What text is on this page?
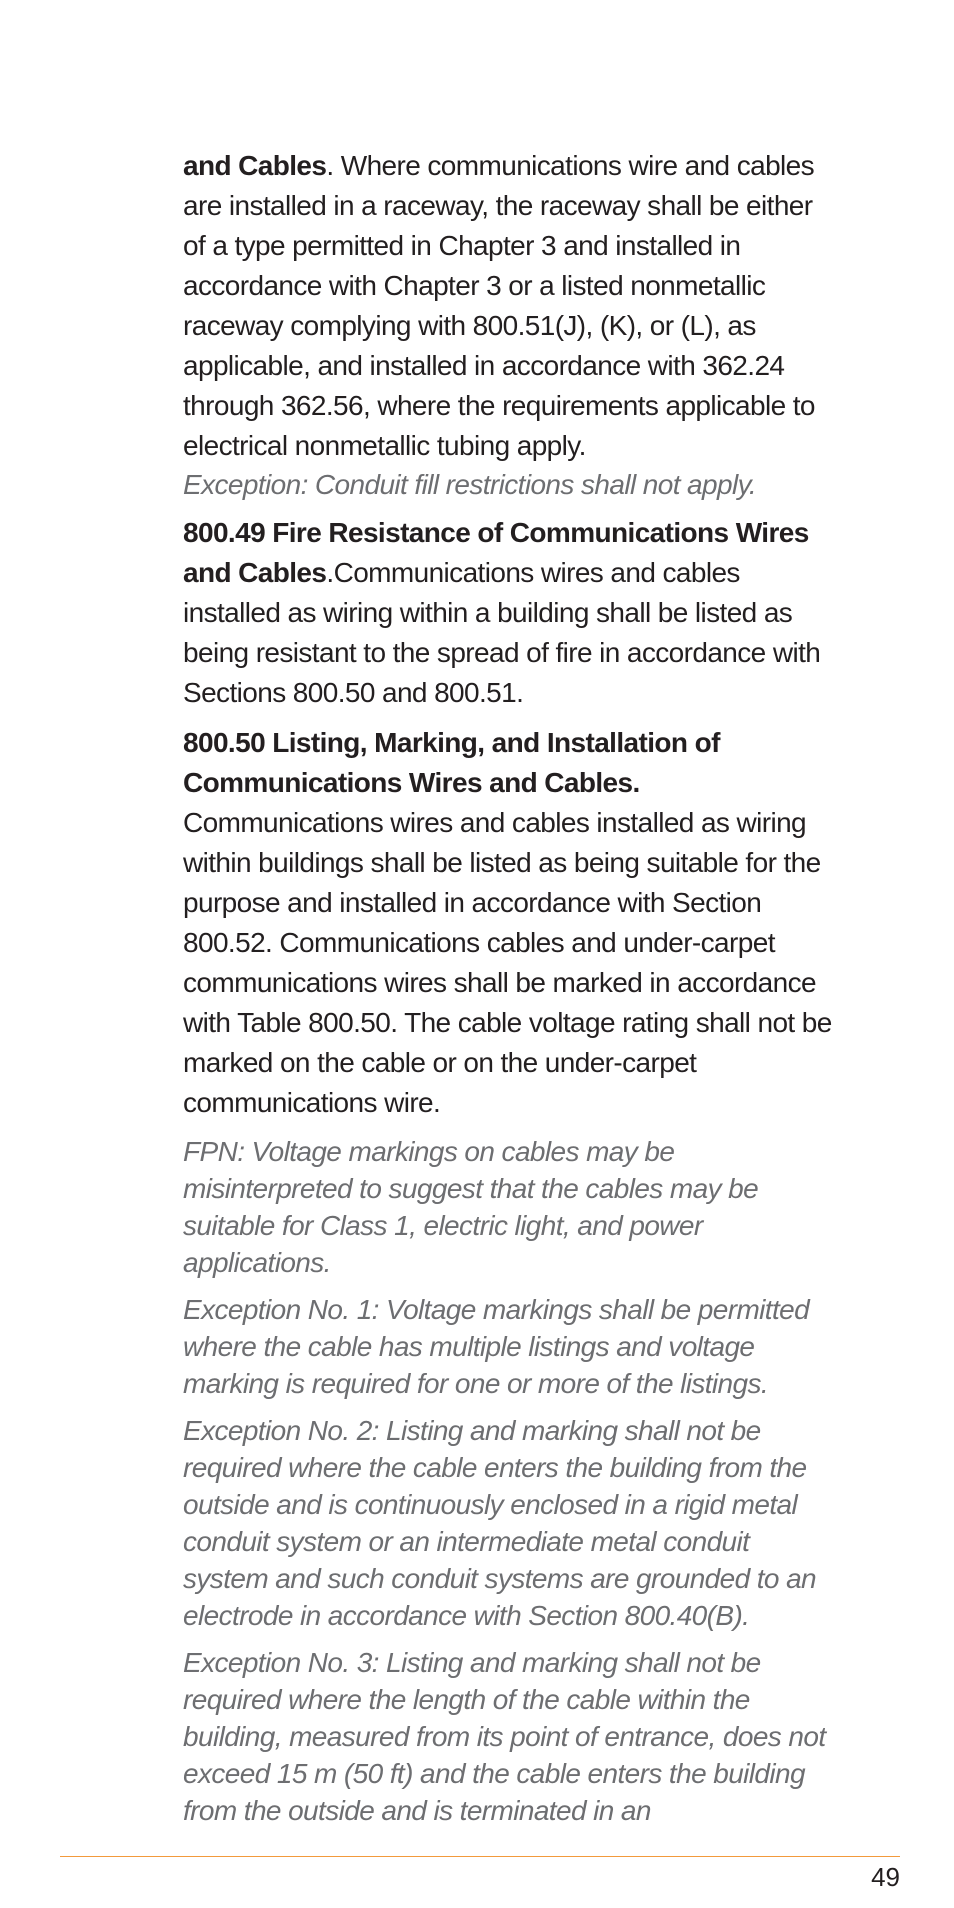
and Cables. Where communications wire and cables are installed in a raceway, the raceway shall be either of a type permitted in Chapter 3 and installed in accordance with Chapter 3 or a listed nonmetallic raceway complying with 800.51(J), (K), or (L), as applicable, and installed in accordance with 362.24 through 362.56, where the requirements applicable to electrical nonmetallic tubing apply.

Exception: Conduit fill restrictions shall not apply.

800.49 Fire Resistance of Communications Wires and Cables.Communications wires and cables installed as wiring within a building shall be listed as being resistant to the spread of fire in accordance with Sections 800.50 and 800.51.

800.50 Listing, Marking, and Installation of Communications Wires and Cables.

Communications wires and cables installed as wiring within buildings shall be listed as being suitable for the purpose and installed in accordance with Section 800.52. Communications cables and under-carpet communications wires shall be marked in accordance with Table 800.50. The cable voltage rating shall not be marked on the cable or on the under-carpet communications wire.

FPN: Voltage markings on cables may be misinterpreted to suggest that the cables may be suitable for Class 1, electric light, and power applications.

Exception No. 1: Voltage markings shall be permitted where the cable has multiple listings and voltage marking is required for one or more of the listings.

Exception No. 2: Listing and marking shall not be required where the cable enters the building from the outside and is continuously enclosed in a rigid metal conduit system or an intermediate metal conduit system and such conduit systems are grounded to an electrode in accordance with Section 800.40(B).

Exception No. 3: Listing and marking shall not be required where the length of the cable within the building, measured from its point of entrance, does not exceed 15 m (50 ft) and the cable enters the building from the outside and is terminated in an

49
